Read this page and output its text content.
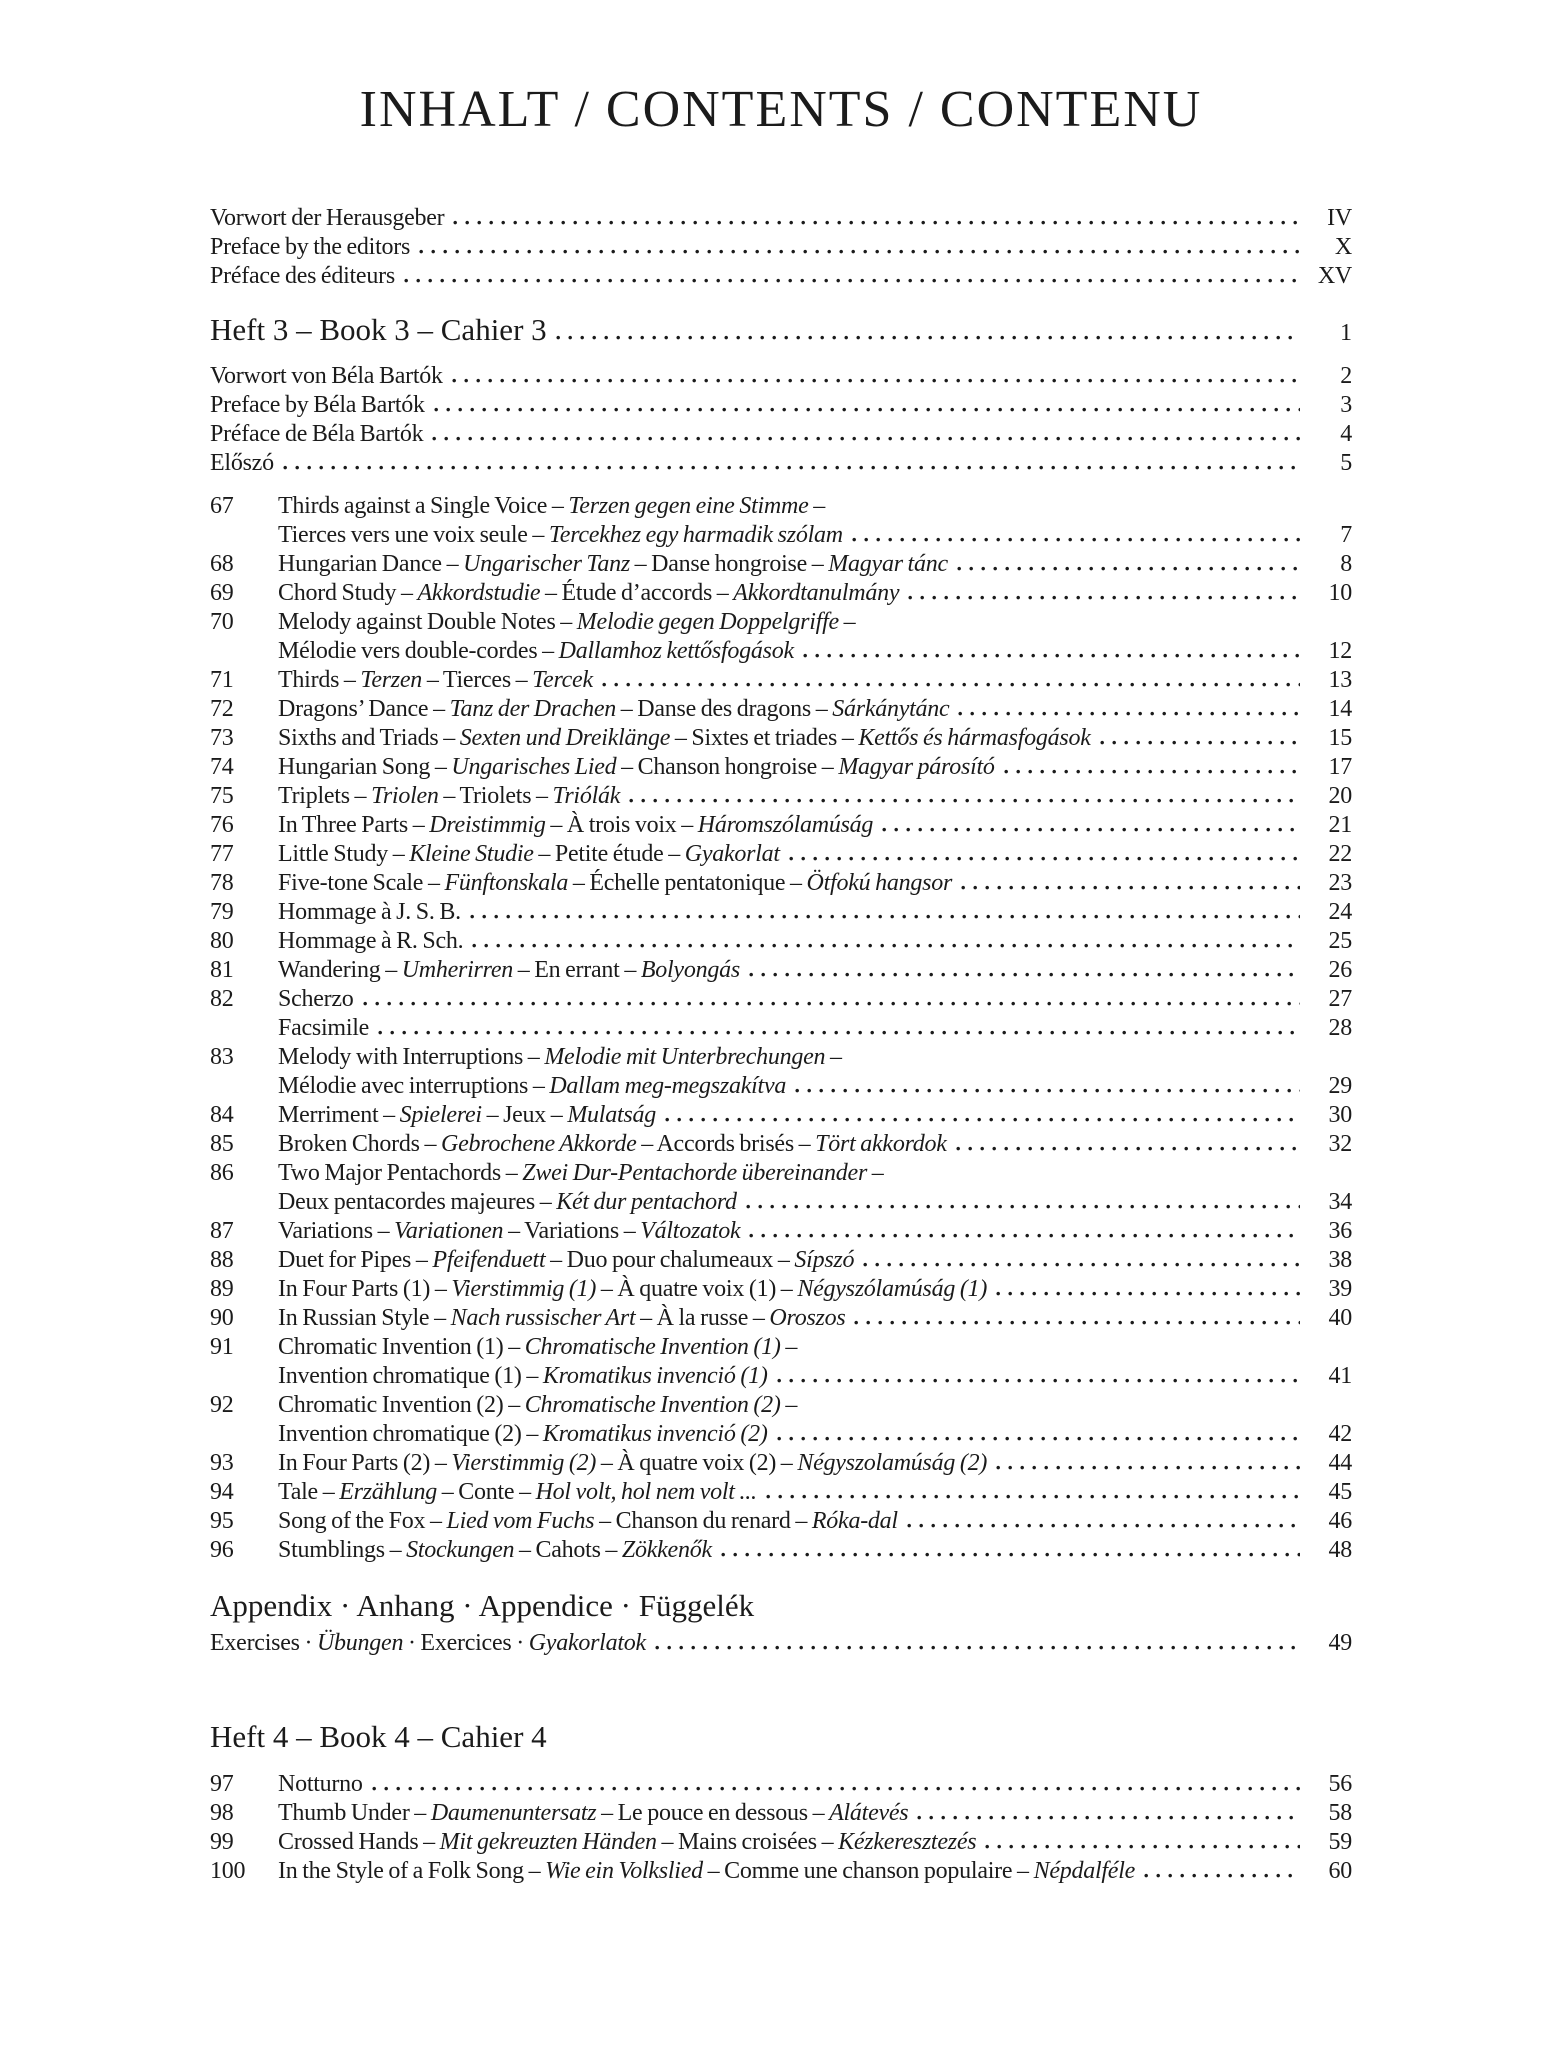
INHALT / CONTENTS / CONTENU
Vorwort der Herausgeber	IV
Preface by the editors	X
Préface des éditeurs	XV
Heft 3 – Book 3 – Cahier 3	1
Vorwort von Béla Bartók	2
Preface by Béla Bartók	3
Préface de Béla Bartók	4
Előszó	5
67	Thirds against a Single Voice – Terzen gegen eine Stimme –
Tierces vers une voix seule – Tercekhez egy harmadik szólam	7
68	Hungarian Dance – Ungarischer Tanz – Danse hongroise – Magyar tánc	8
69	Chord Study – Akkordstudie – Étude d’accords – Akkordtanulmány	10
70	Melody against Double Notes – Melodie gegen Doppelgriffe –
Mélodie vers double-cordes – Dallamhoz kettősfogások	12
71	Thirds – Terzen – Tierces – Tercek	13
72	Dragons’ Dance – Tanz der Drachen – Danse des dragons – Sárkánytánc	14
73	Sixths and Triads – Sexten und Dreiklänge – Sixtes et triades – Kettős és hármasfogások	15
74	Hungarian Song – Ungarisches Lied – Chanson hongroise – Magyar párosító	17
75	Triplets – Triolen – Triolets – Triólák	20
76	In Three Parts – Dreistimmig – À trois voix – Háromszólamúság	21
77	Little Study – Kleine Studie – Petite étude – Gyakorlat	22
78	Five-tone Scale – Fünftonskala – Échelle pentatonique – Ötfokú hangsor	23
79	Hommage à J. S. B.	24
80	Hommage à R. Sch.	25
81	Wandering – Umherirren – En errant – Bolyongás	26
82	Scherzo	27
Facsimile	28
83	Melody with Interruptions – Melodie mit Unterbrechungen –
Mélodie avec interruptions – Dallam meg-megszakítva	29
84	Merriment – Spielerei – Jeux – Mulatság	30
85	Broken Chords – Gebrochene Akkorde – Accords brisés – Tört akkordok	32
86	Two Major Pentachords – Zwei Dur-Pentachorde übereinander –
Deux pentacordes majeures – Két dur pentachord	34
87	Variations – Variationen – Variations – Változatok	36
88	Duet for Pipes – Pfeifenduett – Duo pour chalumeaux – Sípszó	38
89	In Four Parts (1) – Vierstimmig (1) – À quatre voix (1) – Négyszólamúság (1)	39
90	In Russian Style – Nach russischer Art – À la russe – Oroszos	40
91	Chromatic Invention (1) – Chromatische Invention (1) –
Invention chromatique (1) – Kromatikus invenció (1)	41
92	Chromatic Invention (2) – Chromatische Invention (2) –
Invention chromatique (2) – Kromatikus invenció (2)	42
93	In Four Parts (2) – Vierstimmig (2) – À quatre voix (2) – Négyszolamúság (2)	44
94	Tale – Erzählung – Conte – Hol volt, hol nem volt ...	45
95	Song of the Fox – Lied vom Fuchs – Chanson du renard – Róka-dal	46
96	Stumblings – Stockungen – Cahots – Zökkenők	48
Appendix · Anhang · Appendice · Függelék
Exercises · Übungen · Exercices · Gyakorlatok	49
Heft 4 – Book 4 – Cahier 4
97	Notturno	56
98	Thumb Under – Daumenuntersatz – Le pouce en dessous – Alátevés	58
99	Crossed Hands – Mit gekreuzten Händen – Mains croisées – Kézkeresztezés	59
100	In the Style of a Folk Song – Wie ein Volkslied – Comme une chanson populaire – Népdalféle	60
